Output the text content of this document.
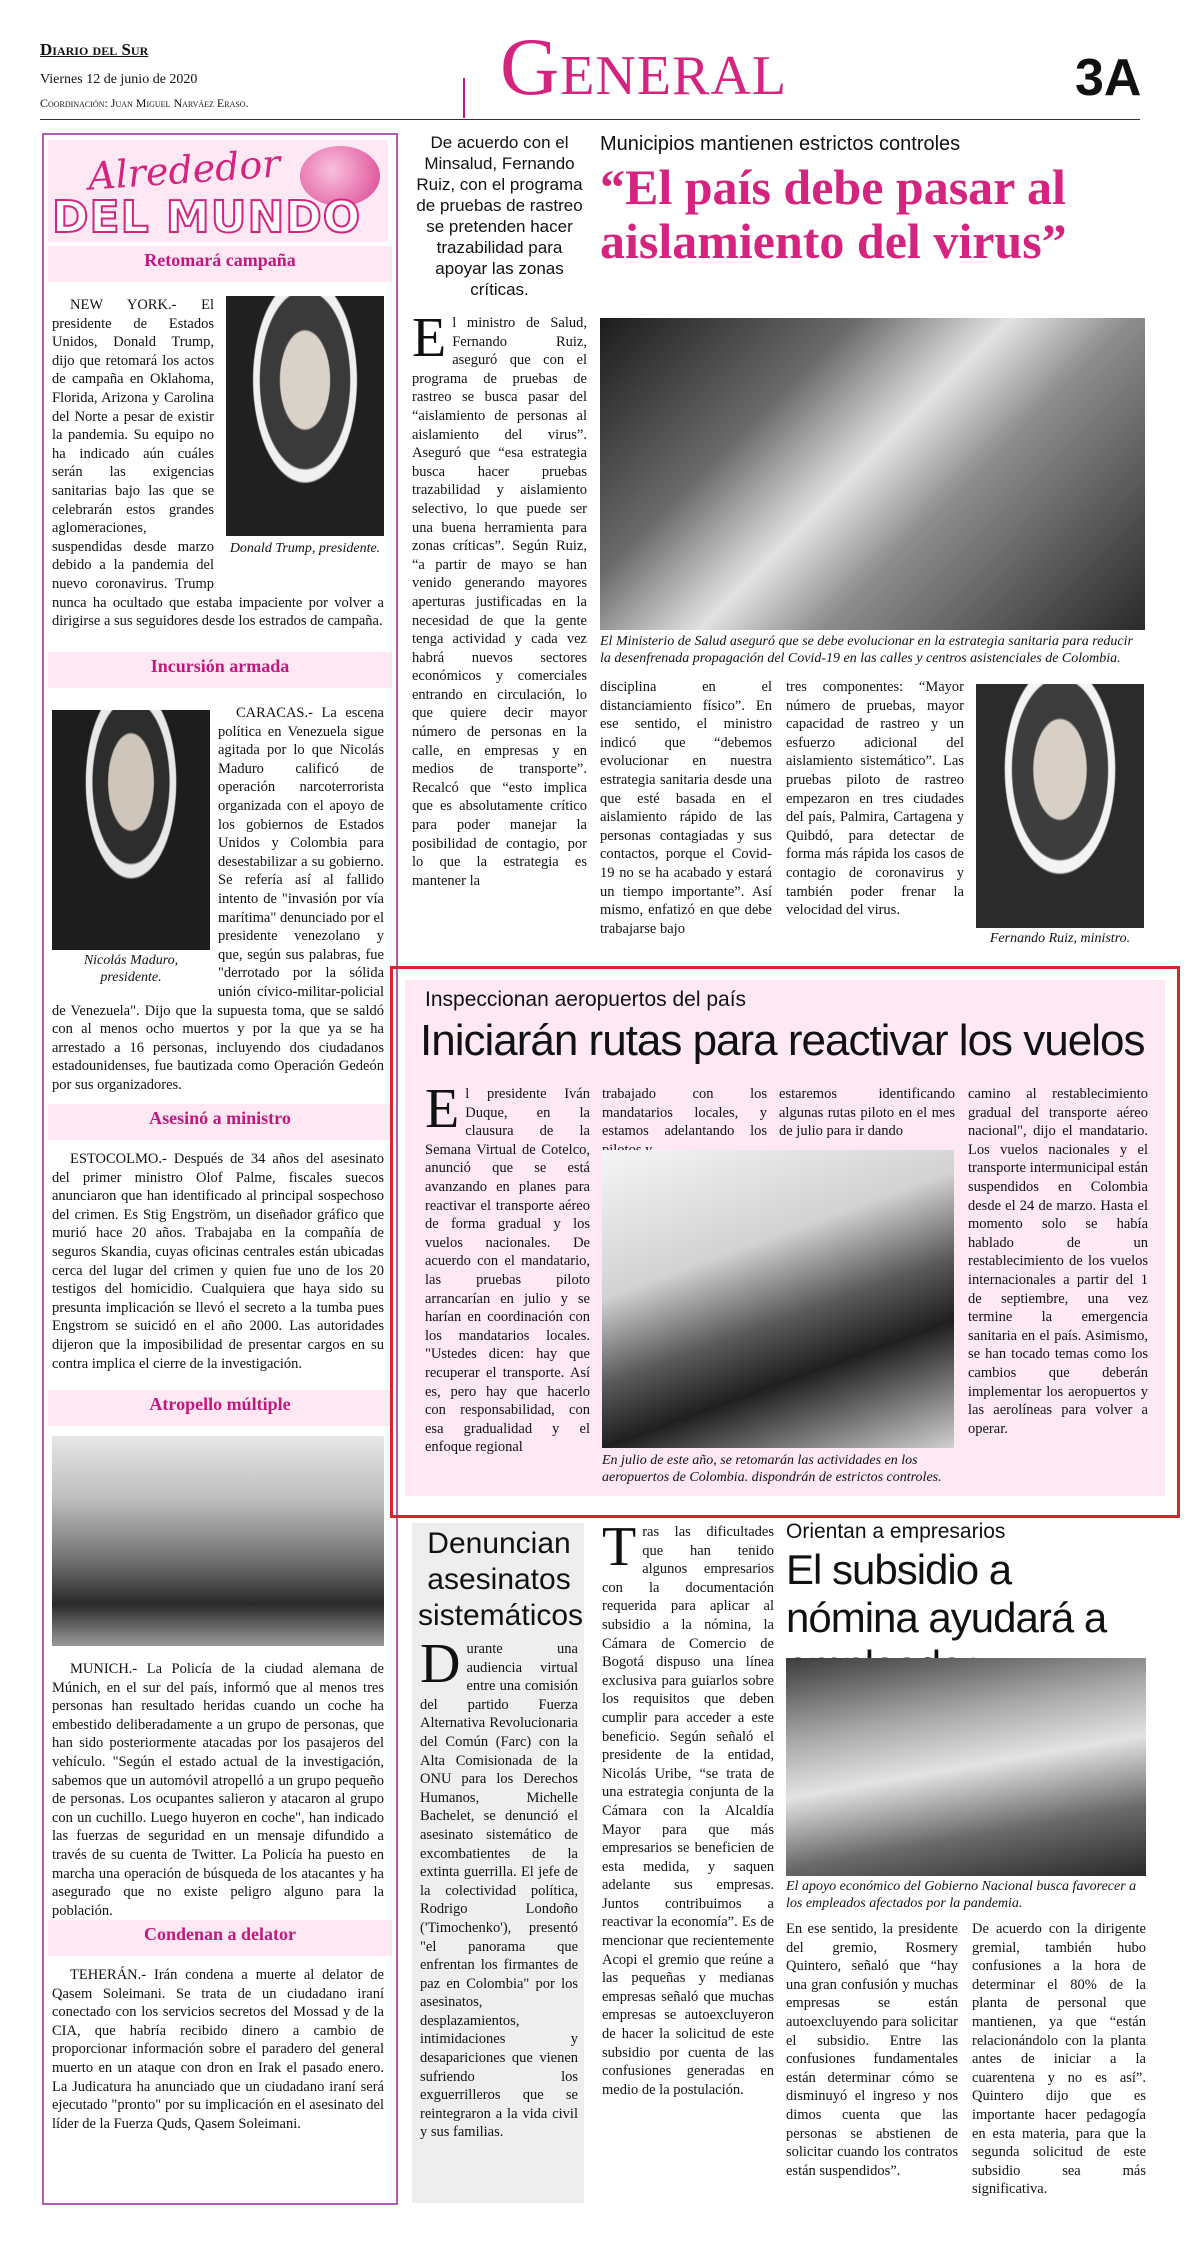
Diario del Sur
Viernes 12 de junio de 2020
Coordinación: Juan Miguel Narváez Eraso.	GENERAL	3A
Alrededor
DEL MUNDO
Retomará campaña
Donald Trump, presidente.

NEW YORK.- El presidente de Estados Unidos, Donald Trump, dijo que retomará los actos de campaña en Oklahoma, Florida, Arizona y Carolina del Norte a pesar de existir la pandemia. Su equipo no ha indicado aún cuáles serán las exigencias sanitarias bajo las que se celebrarán estos grandes aglomeraciones, suspendidas desde marzo debido a la pandemia del nuevo coronavirus. Trump nunca ha ocultado que estaba impaciente por volver a dirigirse a sus seguidores desde los estrados de campaña.

Incursión armada
Nicolás Maduro, presidente.

CARACAS.- La escena política en Venezuela sigue agitada por lo que Nicolás Maduro calificó de operación narcoterrorista organizada con el apoyo de los gobiernos de Estados Unidos y Colombia para desestabilizar a su gobierno. Se refería así al fallido intento de "invasión por vía marítima" denunciado por el presidente venezolano y que, según sus palabras, fue "derrotado por la sólida unión cívico-militar-policial de Venezuela". Dijo que la supuesta toma, que se saldó con al menos ocho muertos y por la que ya se ha arrestado a 16 personas, incluyendo dos ciudadanos estadounidenses, fue bautizada como Operación Gedeón por sus organizadores.

Asesinó a ministro

ESTOCOLMO.- Después de 34 años del asesinato del primer ministro Olof Palme, fiscales suecos anunciaron que han identificado al principal sospechoso del crimen. Es Stig Engström, un diseñador gráfico que murió hace 20 años. Trabajaba en la compañía de seguros Skandia, cuyas oficinas centrales están ubicadas cerca del lugar del crimen y quien fue uno de los 20 testigos del homicidio. Cualquiera que haya sido su presunta implicación se llevó el secreto a la tumba pues Engstrom se suicidó en el año 2000. Las autoridades dijeron que la imposibilidad de presentar cargos en su contra implica el cierre de la investigación.

Atropello múltiple

MUNICH.- La Policía de la ciudad alemana de Múnich, en el sur del país, informó que al menos tres personas han resultado heridas cuando un coche ha embestido deliberadamente a un grupo de personas, que han sido posteriormente atacadas por los pasajeros del vehículo. "Según el estado actual de la investigación, sabemos que un automóvil atropelló a un grupo pequeño de personas. Los ocupantes salieron y atacaron al grupo con un cuchillo. Luego huyeron en coche", han indicado las fuerzas de seguridad en un mensaje difundido a través de su cuenta de Twitter. La Policía ha puesto en marcha una operación de búsqueda de los atacantes y ha asegurado que no existe peligro alguno para la población.

Condenan a delator

TEHERÁN.- Irán condena a muerte al delator de Qasem Soleimani. Se trata de un ciudadano iraní conectado con los servicios secretos del Mossad y de la CIA, que habría recibido dinero a cambio de proporcionar información sobre el paradero del general muerto en un ataque con dron en Irak el pasado enero. La Judicatura ha anunciado que un ciudadano iraní será ejecutado "pronto" por su implicación en el asesinato del líder de la Fuerza Quds, Qasem Soleimani.

De acuerdo con el Minsalud, Fernando Ruiz, con el programa de pruebas de rastreo se pretenden hacer trazabilidad para apoyar las zonas críticas.
Municipios mantienen estrictos controles
“El país debe pasar al aislamiento del virus”
El Ministerio de Salud aseguró que se debe evolucionar en la estrategia sanitaria para reducir la desenfrenada propagación del Covid-19 en las calles y centros asistenciales de Colombia.
El ministro de Salud, Fernando Ruiz, aseguró que con el programa de pruebas de rastreo se busca pasar del “aislamiento de personas al aislamiento del virus”. Aseguró que “esa estrategia busca hacer pruebas trazabilidad y aislamiento selectivo, lo que puede ser una buena herramienta para zonas críticas”. Según Ruiz, “a partir de mayo se han venido generando mayores aperturas justificadas en la necesidad de que la gente tenga actividad y cada vez habrá nuevos sectores económicos y comerciales entrando en circulación, lo que quiere decir mayor número de personas en la calle, en empresas y en medios de transporte”. Recalcó que “esto implica que es absolutamente crítico para poder manejar la posibilidad de contagio, por lo que la estrategia es mantener la
disciplina en el distanciamiento físico”. En ese sentido, el ministro indicó que “debemos evolucionar en nuestra estrategia sanitaria desde una que esté basada en el aislamiento rápido de las personas contagiadas y sus contactos, porque el Covid-19 no se ha acabado y estará un tiempo importante”. Así mismo, enfatizó en que debe trabajarse bajo
tres componentes: “Mayor número de pruebas, mayor capacidad de rastreo y un esfuerzo adicional del aislamiento sistemático”. Las pruebas piloto de rastreo empezaron en tres ciudades del país, Palmira, Cartagena y Quibdó, para detectar de forma más rápida los casos de contagio de coronavirus y también poder frenar la velocidad del virus.
Fernando Ruiz, ministro.
Inspeccionan aeropuertos del país
Iniciarán rutas para reactivar los vuelos
El presidente Iván Duque, en la clausura de la Semana Virtual de Cotelco, anunció que se está avanzando en planes para reactivar el transporte aéreo de forma gradual y los vuelos nacionales. De acuerdo con el mandatario, las pruebas piloto arrancarían en julio y se harían en coordinación con los mandatarios locales. "Ustedes dicen: hay que recuperar el transporte. Así es, pero hay que hacerlo con responsabilidad, con esa gradualidad y el enfoque regional
trabajado con los mandatarios locales, y estamos adelantando los
estaremos identificando algunas rutas piloto en el mes de julio para ir dando
En julio de este año, se retomarán las actividades en los aeropuertos de Colombia. dispondrán de estrictos controles.
camino al restablecimiento gradual del transporte aéreo nacional", dijo el mandatario. Los vuelos nacionales y el transporte intermunicipal están suspendidos en Colombia desde el 24 de marzo. Hasta el momento solo se había hablado de un restablecimiento de los vuelos internacionales a partir del 1 de septiembre, una vez termine la emergencia sanitaria en el país. Asimismo, se han tocado temas como los cambios que deberán implementar los aeropuertos y las aerolíneas para volver a operar.
Denuncian asesinatos sistemáticos
Durante una audiencia virtual entre una comisión del partido Fuerza Alternativa Revolucionaria del Común (Farc) con la Alta Comisionada de la ONU para los Derechos Humanos, Michelle Bachelet, se denunció el asesinato sistemático de excombatientes de la extinta guerrilla. El jefe de la colectividad política, Rodrigo Londoño ('Timochenko'), presentó "el panorama que enfrentan los firmantes de paz en Colombia" por los asesinatos, desplazamientos, intimidaciones y desapariciones que vienen sufriendo los exguerrilleros que se reintegraron a la vida civil y sus familias.
Tras las dificultades que han tenido algunos empresarios con la documentación requerida para aplicar al subsidio a la nómina, la Cámara de Comercio de Bogotá dispuso una línea exclusiva para guiarlos sobre los requisitos que deben cumplir para acceder a este beneficio. Según señaló el presidente de la entidad, Nicolás Uribe, “se trata de una estrategia conjunta de la Cámara con la Alcaldía Mayor para que más empresarios se beneficien de esta medida, y saquen adelante sus empresas. Juntos contribuimos a reactivar la economía”. Es de mencionar que recientemente Acopi el gremio que reúne a las pequeñas y medianas empresas señaló que muchas empresas se autoexcluyeron de hacer la solicitud de este subsidio por cuenta de las confusiones generadas en medio de la postulación.
Orientan a empresarios
El subsidio a nómina ayudará a
El apoyo económico del Gobierno Nacional busca favorecer a los empleados afectados por la pandemia.
En ese sentido, la presidente del gremio, Rosmery Quintero, señaló que “hay una gran confusión y muchas empresas se están autoexcluyendo para solicitar el subsidio. Entre las confusiones fundamentales están determinar cómo se disminuyó el ingreso y nos dimos cuenta que las personas se abstienen de solicitar cuando los contratos están suspendidos”.
De acuerdo con la dirigente gremial, también hubo confusiones a la hora de determinar el 80% de la planta de personal que mantienen, ya que “están relacionándolo con la planta antes de iniciar a la cuarentena y no es así”. Quintero dijo que es importante hacer pedagogía en esta materia, para que la segunda solicitud de este subsidio sea más significativa.
